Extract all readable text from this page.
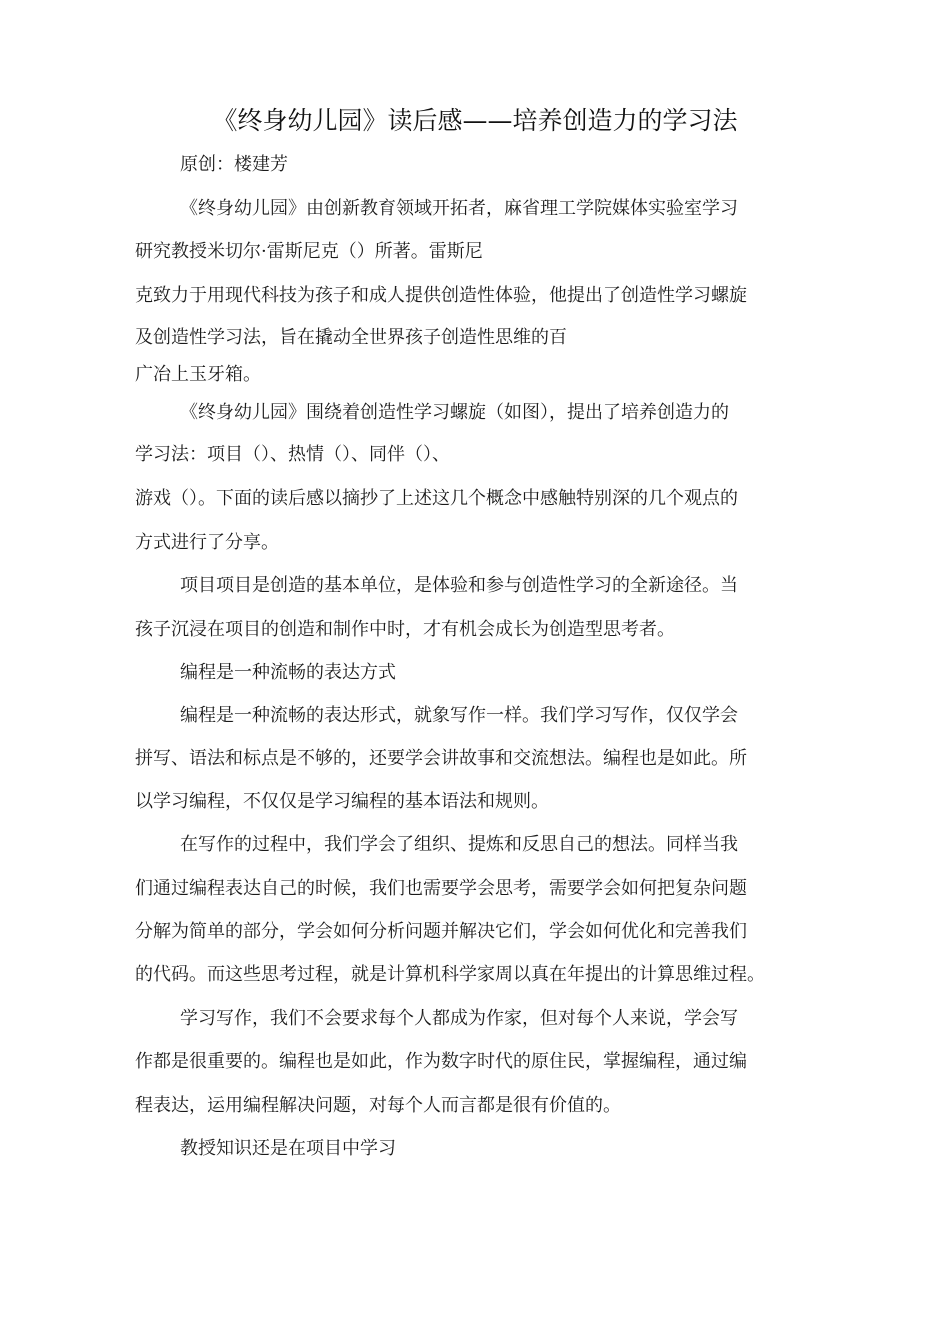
《终身幼儿园》读后感——培养创造力的学习法
原创：楼建芳
《终身幼儿园》由创新教育领域开拓者，麻省理工学院媒体实验室学习
研究教授米切尔·雷斯尼克（）所著。雷斯尼
克致力于用现代科技为孩子和成人提供创造性体验，他提出了创造性学习螺旋
及创造性学习法，旨在撬动全世界孩子创造性思维的百
广冶上玉牙箱。
《终身幼儿园》围绕着创造性学习螺旋（如图），提出了培养创造力的
学习法：项目（）、热情（）、同伴（）、
游戏（）。下面的读后感以摘抄了上述这几个概念中感触特别深的几个观点的
方式进行了分享。
项目项目是创造的基本单位，是体验和参与创造性学习的全新途径。当
孩子沉浸在项目的创造和制作中时，才有机会成长为创造型思考者。
编程是一种流畅的表达方式
编程是一种流畅的表达形式，就象写作一样。我们学习写作，仅仅学会
拼写、语法和标点是不够的，还要学会讲故事和交流想法。编程也是如此。所
以学习编程，不仅仅是学习编程的基本语法和规则。
在写作的过程中，我们学会了组织、提炼和反思自己的想法。同样当我
们通过编程表达自己的时候，我们也需要学会思考，需要学会如何把复杂问题
分解为简单的部分，学会如何分析问题并解决它们，学会如何优化和完善我们
的代码。而这些思考过程，就是计算机科学家周以真在年提出的计算思维过程。
学习写作，我们不会要求每个人都成为作家，但对每个人来说，学会写
作都是很重要的。编程也是如此，作为数字时代的原住民，掌握编程，通过编
程表达，运用编程解决问题，对每个人而言都是很有价值的。
教授知识还是在项目中学习
